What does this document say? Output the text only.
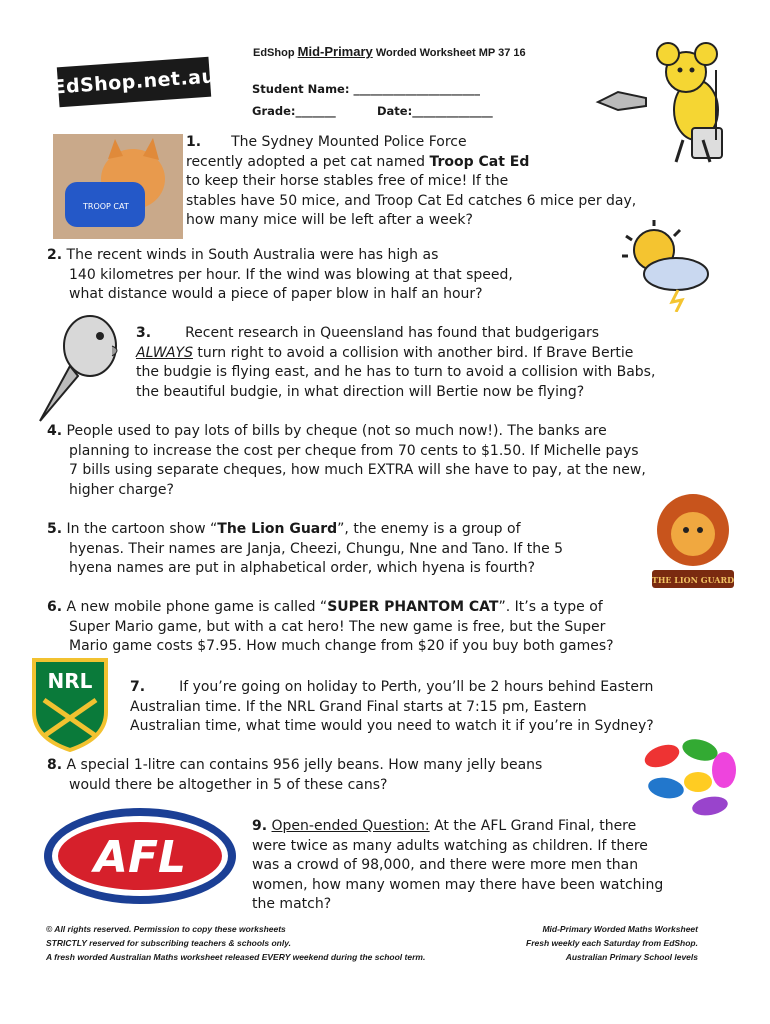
EdShop Mid-Primary Worded Worksheet MP 37 16
EdShop.net.au	Student Name: ______________________
Grade:_______	Date:______________
TROOP CAT
1. The Sydney Mounted Police Force
recently adopted a pet cat named Troop Cat Ed
to keep their horse stables free of mice! If the
stables have 50 mice, and Troop Cat Ed catches 6 mice per day,
how many mice will be left after a week?
2. The recent winds in South Australia were has high as
140 kilometres per hour. If the wind was blowing at that speed,
what distance would a piece of paper blow in half an hour?
3. Recent research in Queensland has found that budgerigars
ALWAYS turn right to avoid a collision with another bird. If Brave Bertie
the budgie is flying east, and he has to turn to avoid a collision with Babs,
the beautiful budgie, in what direction will Bertie now be flying?
4. People used to pay lots of bills by cheque (not so much now!). The banks are
planning to increase the cost per cheque from 70 cents to $1.50. If Michelle pays
7 bills using separate cheques, how much EXTRA will she have to pay, at the new,
higher charge?
5. In the cartoon show “The Lion Guard”, the enemy is a group of
hyenas. Their names are Janja, Cheezi, Chungu, Nne and Tano. If the 5
hyena names are put in alphabetical order, which hyena is fourth?
THE LION GUARD
6. A new mobile phone game is called “SUPER PHANTOM CAT”. It’s a type of
Super Mario game, but with a cat hero! The new game is free, but the Super
Mario game costs $7.95. How much change from $20 if you buy both games?
NRL	7. If you’re going on holiday to Perth, you’ll be 2 hours behind Eastern
Australian time. If the NRL Grand Final starts at 7:15 pm, Eastern
Australian time, what time would you need to watch it if you’re in Sydney?
8. A special 1-litre can contains 956 jelly beans. How many jelly beans
would there be altogether in 5 of these cans?
AFL
9. Open-ended Question: At the AFL Grand Final, there
were twice as many adults watching as children. If there
was a crowd of 98,000, and there were more men than
women, how many women may there have been watching
the match?
© All rights reserved. Permission to copy these worksheets
STRICTLY reserved for subscribing teachers & schools only.
A fresh worded Australian Maths worksheet released EVERY weekend during the school term.
Mid-Primary Worded Maths Worksheet
Fresh weekly each Saturday from EdShop.
Australian Primary School levels
